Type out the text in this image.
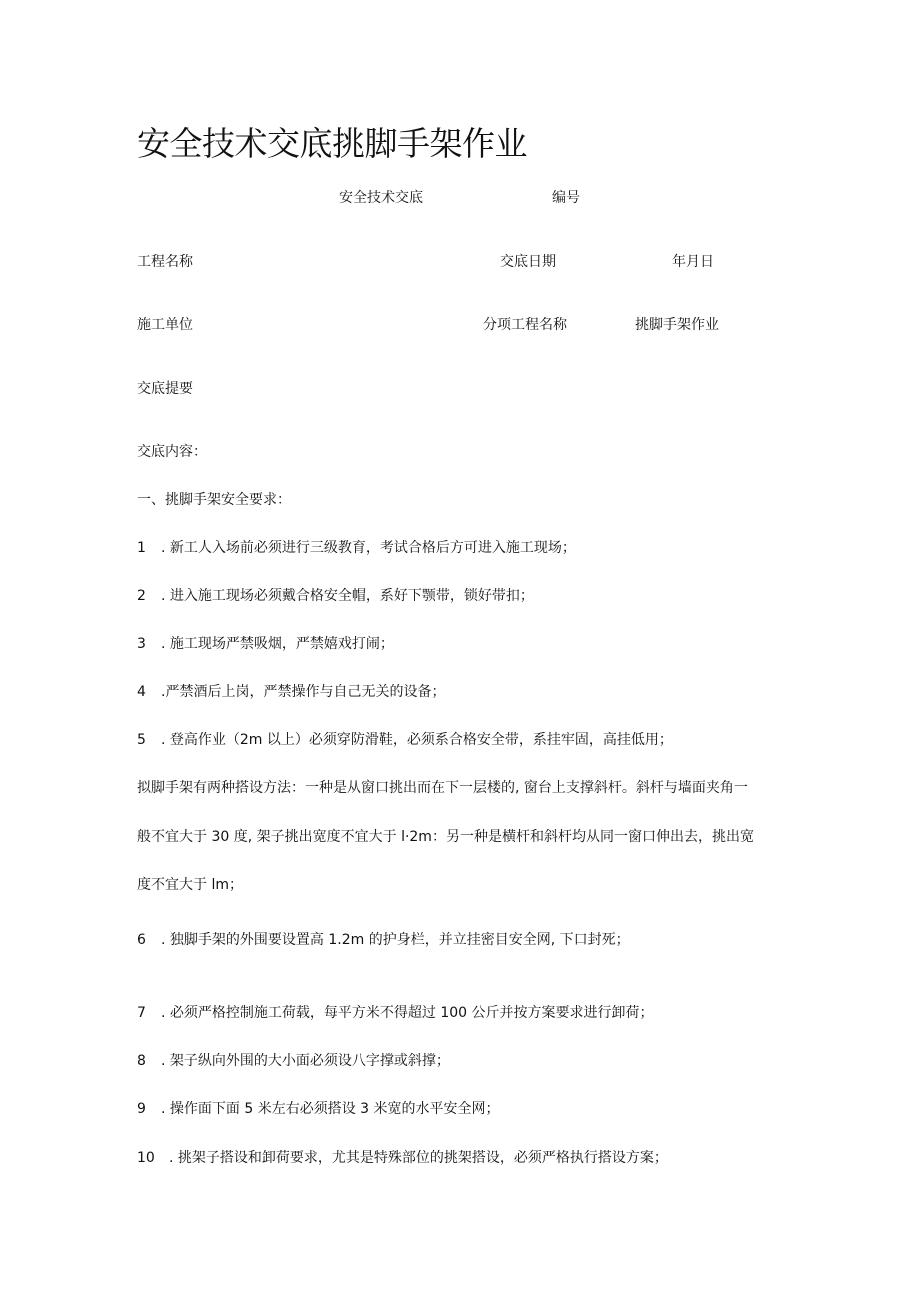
安全技术交底挑脚手架作业
安全技术交底	编号
工程名称	交底日期	年月日
施工单位	分项工程名称	挑脚手架作业
交底提要
交底内容：
一、挑脚手架安全要求：
1 . 新工人入场前必须进行三级教育，考试合格后方可进入施工现场；
2 . 进入施工现场必须戴合格安全帽，系好下颚带，锁好带扣；
3 . 施工现场严禁吸烟，严禁嬉戏打闹；
4 .严禁酒后上岗，严禁操作与自己无关的设备；
5 . 登高作业（2m 以上）必须穿防滑鞋，必须系合格安全带，系挂牢固，高挂低用；
拟脚手架有两种搭设方法：一种是从窗口挑出而在下一层楼的, 窗台上支撑斜杆。斜杆与墙面夹角一
般不宜大于 30 度, 架子挑出宽度不宜大于 l·2m：另一种是横杆和斜杆均从同一窗口伸出去，挑出宽
度不宜大于 lm；
6 . 独脚手架的外围要设置高 1.2m 的护身栏，并立挂密目安全网, 下口封死；
7 . 必须严格控制施工荷载，每平方米不得超过 100 公斤并按方案要求进行卸荷；
8 . 架子纵向外围的大小面必须设八字撑或斜撑；
9 . 操作面下面 5 米左右必须搭设 3 米宽的水平安全网；
10 . 挑架子搭设和卸荷要求，尤其是特殊部位的挑架搭设，必须严格执行搭设方案；
